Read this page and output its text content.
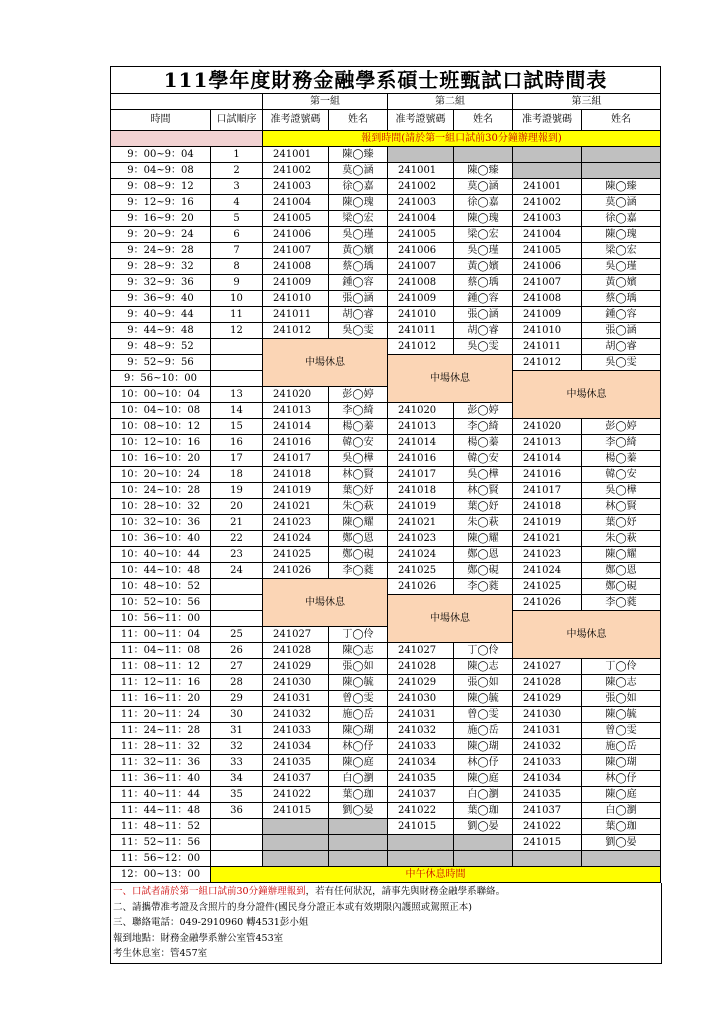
111學年度財務金融學系碩士班甄試口試時間表							
		第一組		第二組		第三組	
時間	口試順序	准考證號碼	姓名	准考證號碼	姓名	准考證號碼	姓名
		報到時間(請於第一組口試前30分鐘辦理報到)					
9：00~9：04	1	241001	陳◯臻				
9：04~9：08	2	241002	莫◯涵	241001	陳◯臻		
9：08~9：12	3	241003	徐◯嘉	241002	莫◯涵	241001	陳◯臻
9：12~9：16	4	241004	陳◯瑰	241003	徐◯嘉	241002	莫◯涵
9：16~9：20	5	241005	梁◯宏	241004	陳◯瑰	241003	徐◯嘉
9：20~9：24	6	241006	吳◯瑾	241005	梁◯宏	241004	陳◯瑰
9：24~9：28	7	241007	黃◯嬪	241006	吳◯瑾	241005	梁◯宏
9：28~9：32	8	241008	蔡◯瑀	241007	黃◯嬪	241006	吳◯瑾
9：32~9：36	9	241009	鍾◯容	241008	蔡◯瑀	241007	黃◯嬪
9：36~9：40	10	241010	張◯涵	241009	鍾◯容	241008	蔡◯瑀
9：40~9：44	11	241011	胡◯睿	241010	張◯涵	241009	鍾◯容
9：44~9：48	12	241012	吳◯雯	241011	胡◯睿	241010	張◯涵
9：48~9：52		中場休息		241012	吳◯雯	241011	胡◯睿
9：52~9：56				中場休息		241012	吳◯雯
9：56~10：00						中場休息	
10：00~10：04	13	241020	彭◯婷				
10：04~10：08	14	241013	李◯綺	241020	彭◯婷		
10：08~10：12	15	241014	楊◯蓁	241013	李◯綺	241020	彭◯婷
10：12~10：16	16	241016	韓◯安	241014	楊◯蓁	241013	李◯綺
10：16~10：20	17	241017	吳◯樺	241016	韓◯安	241014	楊◯蓁
10：20~10：24	18	241018	林◯賢	241017	吳◯樺	241016	韓◯安
10：24~10：28	19	241019	葉◯妤	241018	林◯賢	241017	吳◯樺
10：28~10：32	20	241021	朱◯萩	241019	葉◯妤	241018	林◯賢
10：32~10：36	21	241023	陳◯耀	241021	朱◯萩	241019	葉◯妤
10：36~10：40	22	241024	鄭◯恩	241023	陳◯耀	241021	朱◯萩
10：40~10：44	23	241025	鄭◯硯	241024	鄭◯恩	241023	陳◯耀
10：44~10：48	24	241026	李◯蕤	241025	鄭◯硯	241024	鄭◯恩
10：48~10：52		中場休息		241026	李◯蕤	241025	鄭◯硯
10：52~10：56				中場休息		241026	李◯蕤
10：56~11：00						中場休息	
11：00~11：04	25	241027	丁◯伶				
11：04~11：08	26	241028	陳◯志	241027	丁◯伶		
11：08~11：12	27	241029	張◯如	241028	陳◯志	241027	丁◯伶
11：12~11：16	28	241030	陳◯毓	241029	張◯如	241028	陳◯志
11：16~11：20	29	241031	曾◯雯	241030	陳◯毓	241029	張◯如
11：20~11：24	30	241032	施◯岳	241031	曾◯雯	241030	陳◯毓
11：24~11：28	31	241033	陳◯瑚	241032	施◯岳	241031	曾◯雯
11：28~11：32	32	241034	林◯伃	241033	陳◯瑚	241032	施◯岳
11：32~11：36	33	241035	陳◯庭	241034	林◯伃	241033	陳◯瑚
11：36~11：40	34	241037	白◯瀏	241035	陳◯庭	241034	林◯伃
11：40~11：44	35	241022	葉◯珈	241037	白◯瀏	241035	陳◯庭
11：44~11：48	36	241015	劉◯晏	241022	葉◯珈	241037	白◯瀏
11：48~11：52				241015	劉◯晏	241022	葉◯珈
11：52~11：56						241015	劉◯晏
11：56~12：00							
12：00~13：00	中午休息時間						
一、口試者請於第一組口試前30分鐘辦理報到，若有任何狀況，請事先與財務金融學系聯絡。
二、請攜帶准考證及含照片的身分證件(國民身分證正本或有效期限內護照或駕照正本)
三、聯絡電話：049-2910960 轉4531彭小姐
報到地點：財務金融學系辦公室管453室
考生休息室：管457室
